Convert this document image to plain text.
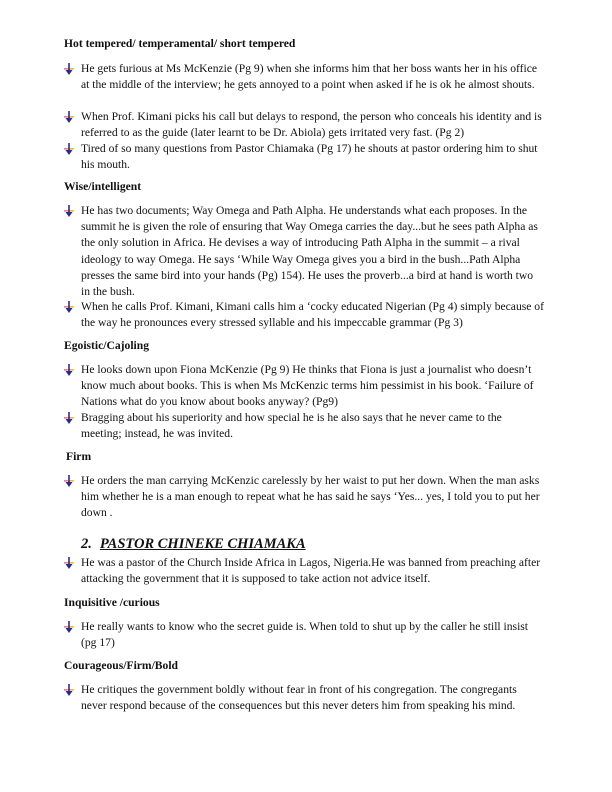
Hot tempered/ temperamental/ short tempered
He gets furious at Ms McKenzie (Pg 9) when she informs him that her boss wants her in his office at the middle of the interview; he gets annoyed to a point when asked if he is ok he almost shouts.
When Prof. Kimani picks his call but delays to respond, the person who conceals his identity and is referred to as the guide (later learnt to be Dr. Abiola) gets irritated very fast. (Pg 2)
Tired of so many questions from Pastor Chiamaka (Pg 17) he shouts at pastor ordering him to shut his mouth.
Wise/intelligent
He has two documents; Way Omega and Path Alpha. He understands what each proposes. In the summit he is given the role of ensuring that Way Omega carries the day...but he sees path Alpha as the only solution in Africa. He devises a way of introducing Path Alpha in the summit – a rival ideology to way Omega. He says ‘While Way Omega gives you a bird in the bush...Path Alpha presses the same bird into your hands (Pg) 154). He uses the proverb...a bird at hand is worth two in the bush.
When he calls Prof. Kimani, Kimani calls him a ‘cocky educated Nigerian (Pg 4) simply because of the way he pronounces every stressed syllable and his impeccable grammar (Pg 3)
Egoistic/Cajoling
He looks down upon Fiona McKenzie (Pg 9) He thinks that Fiona is just a journalist who doesn’t know much about books. This is when Ms McKenzic terms him pessimist in his book. ‘Failure of Nations what do you know about books anyway? (Pg9)
Bragging about his superiority and how special he is he also says that he never came to the meeting; instead, he was invited.
Firm
He orders the man carrying McKenzic carelessly by her waist to put her down. When the man asks him whether he is a man enough to repeat what he has said he says ‘Yes... yes, I told you to put her down .
2. PASTOR CHINEKE CHIAMAKA
He was a pastor of the Church Inside Africa in Lagos, Nigeria.He was banned from preaching after attacking the government that it is supposed to take action not advice itself.
Inquisitive /curious
He really wants to know who the secret guide is. When told to shut up by the caller he still insist (pg 17)
Courageous/Firm/Bold
He critiques the government boldly without fear in front of his congregation. The congregants never respond because of the consequences but this never deters him from speaking his mind.
